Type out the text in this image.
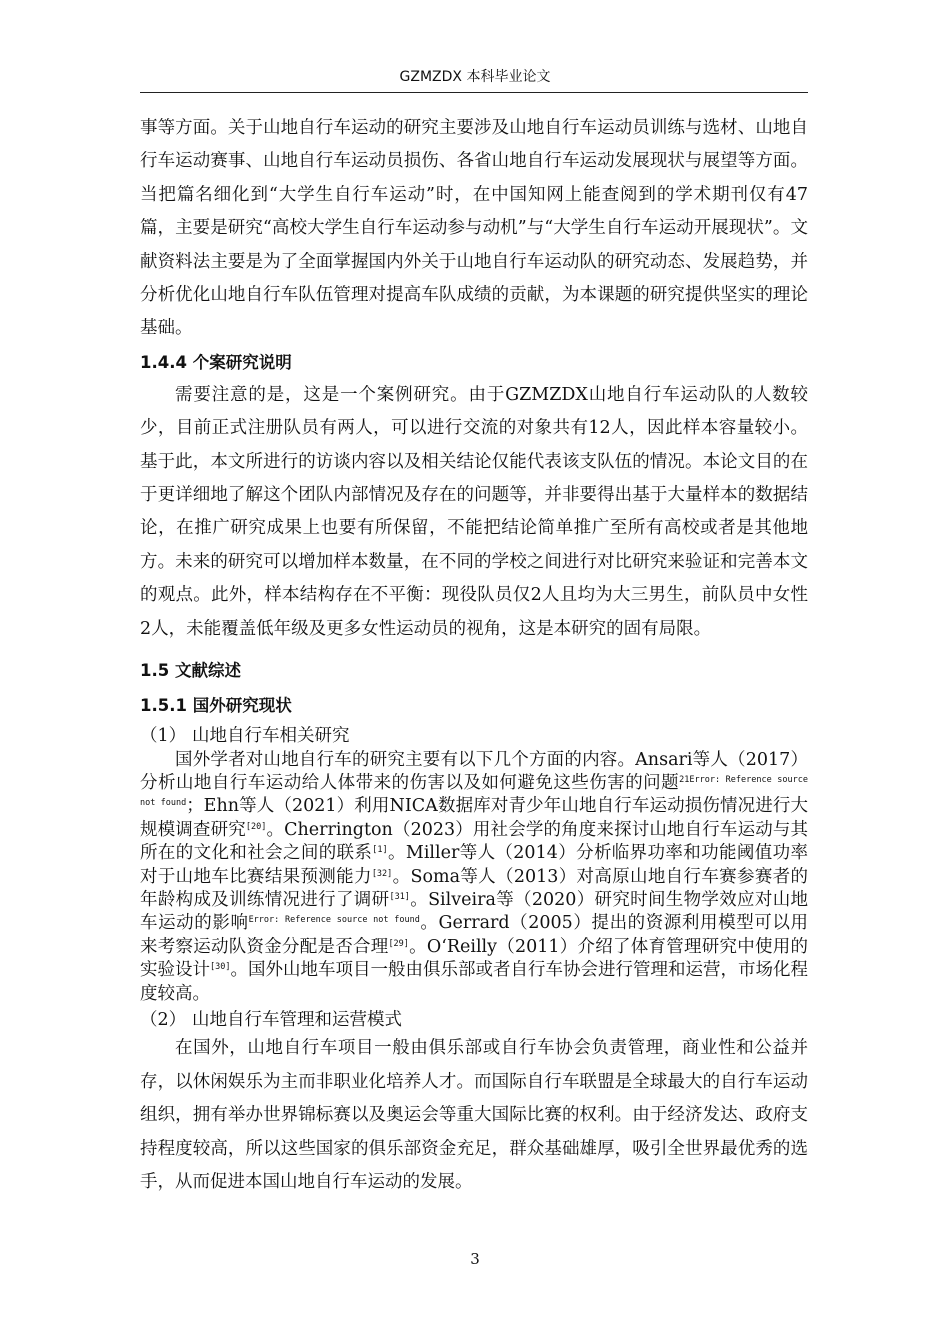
GZMZDX 本科毕业论文

事等方面。关于山地自行车运动的研究主要涉及山地自行车运动员训练与选材、山地自行车运动赛事、山地自行车运动员损伤、各省山地自行车运动发展现状与展望等方面。当把篇名细化到“大学生自行车运动”时，在中国知网上能查阅到的学术期刊仅有47篇，主要是研究“高校大学生自行车运动参与动机”与“大学生自行车运动开展现状”。文献资料法主要是为了全面掌握国内外关于山地自行车运动队的研究动态、发展趋势，并分析优化山地自行车队伍管理对提高车队成绩的贡献，为本课题的研究提供坚实的理论基础。

1.4.4 个案研究说明

需要注意的是，这是一个案例研究。由于GZMZDX山地自行车运动队的人数较少，目前正式注册队员有两人，可以进行交流的对象共有12人，因此样本容量较小。基于此，本文所进行的访谈内容以及相关结论仅能代表该支队伍的情况。本论文目的在于更详细地了解这个团队内部情况及存在的问题等，并非要得出基于大量样本的数据结论，在推广研究成果上也要有所保留，不能把结论简单推广至所有高校或者是其他地方。未来的研究可以增加样本数量，在不同的学校之间进行对比研究来验证和完善本文的观点。此外，样本结构存在不平衡：现役队员仅2人且均为大三男生，前队员中女性2人，未能覆盖低年级及更多女性运动员的视角，这是本研究的固有局限。

1.5 文献综述

1.5.1 国外研究现状

（1） 山地自行车相关研究

国外学者对山地自行车的研究主要有以下几个方面的内容。Ansari等人（2017）分析山地自行车运动给人体带来的伤害以及如何避免这些伤害的问题$^{21Error: Reference source not found}$；Ehn等人（2021）利用NICA数据库对青少年山地自行车运动损伤情况进行大规模调查研究[20]。Cherrington（2023）用社会学的角度来探讨山地自行车运动与其所在的文化和社会之间的联系[1]。Miller等人（2014）分析临界功率和功能阈值功率对于山地车比赛结果预测能力[32]。Soma等人（2013）对高原山地自行车赛参赛者的年龄构成及训练情况进行了调研[31]。Silveira等（2020）研究时间生物学效应对山地车运动的影响$^{Error: Reference source not found}$。Gerrard（2005）提出的资源利用模型可以用来考察运动队资金分配是否合理[29]。O‘Reilly（2011）介绍了体育管理研究中使用的实验设计[30]。国外山地车项目一般由俱乐部或者自行车协会进行管理和运营，市场化程度较高。

（2） 山地自行车管理和运营模式

在国外，山地自行车项目一般由俱乐部或自行车协会负责管理，商业性和公益并存，以休闲娱乐为主而非职业化培养人才。而国际自行车联盟是全球最大的自行车运动组织，拥有举办世界锦标赛以及奥运会等重大国际比赛的权利。由于经济发达、政府支持程度较高，所以这些国家的俱乐部资金充足，群众基础雄厚，吸引全世界最优秀的选手，从而促进本国山地自行车运动的发展。

3
